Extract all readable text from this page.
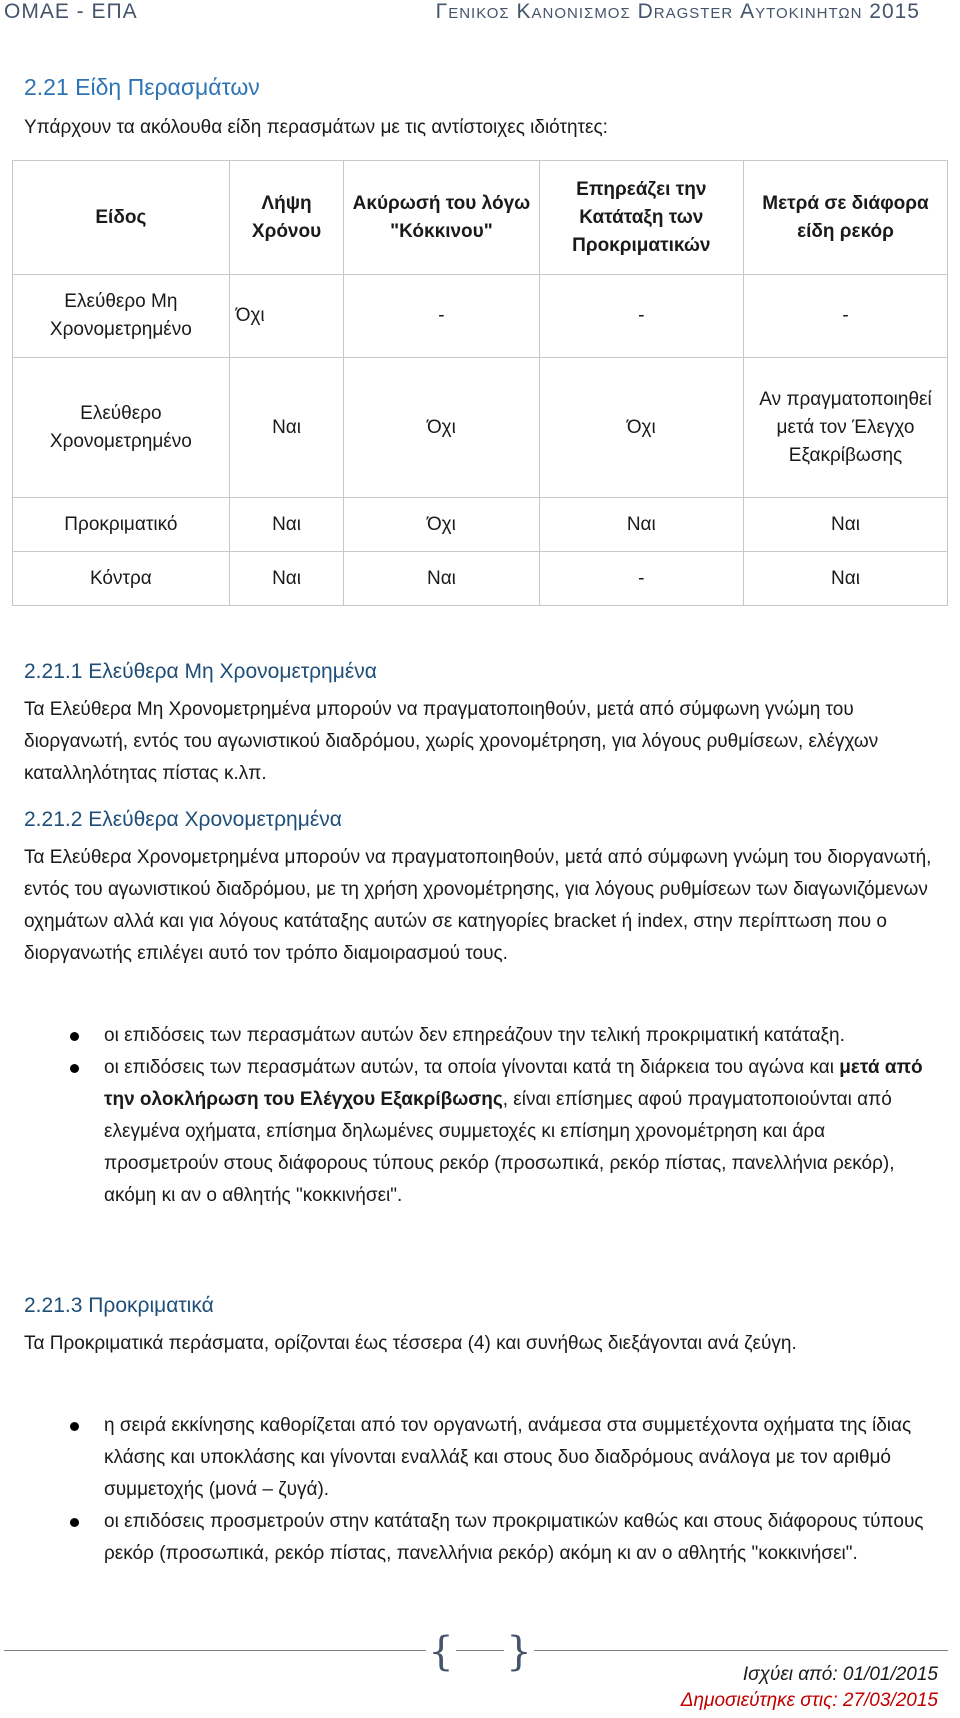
ΟΜΑΕ - ΕΠΑ	Γενικος Κανονισμος Dragster Αυτοκινητων 2015
2.21 Είδη Περασμάτων
Υπάρχουν τα ακόλουθα είδη περασμάτων με τις αντίστοιχες ιδιότητες:
Είδος	Λήψη Χρόνου	Ακύρωσή του λόγω "Κόκκινου"	Επηρεάζει την Κατάταξη των Προκριματικών	Μετρά σε διάφορα είδη ρεκόρ
Ελεύθερο Μη Χρονομετρημένο	Όχι	-	-	-
Ελεύθερο Χρονομετρημένο	Ναι	Όχι	Όχι	Αν πραγματοποιηθεί μετά τον Έλεγχο Εξακρίβωσης
Προκριματικό	Ναι	Όχι	Ναι	Ναι
Κόντρα	Ναι	Ναι	-	Ναι
2.21.1 Ελεύθερα Μη Χρονομετρημένα
Τα Ελεύθερα Μη Χρονομετρημένα μπορούν να πραγματοποιηθούν, μετά από σύμφωνη γνώμη του διοργανωτή, εντός του αγωνιστικού διαδρόμου, χωρίς χρονομέτρηση, για λόγους ρυθμίσεων, ελέγχων καταλληλότητας πίστας κ.λπ.
2.21.2 Ελεύθερα Χρονομετρημένα
Τα Ελεύθερα Χρονομετρημένα μπορούν να πραγματοποιηθούν, μετά από σύμφωνη γνώμη του διοργανωτή, εντός του αγωνιστικού διαδρόμου, με τη χρήση χρονομέτρησης, για λόγους ρυθμίσεων των διαγωνιζόμενων οχημάτων αλλά και για λόγους κατάταξης αυτών σε κατηγορίες bracket ή index, στην περίπτωση που ο διοργανωτής επιλέγει αυτό τον τρόπο διαμοιρασμού τους.
οι επιδόσεις των περασμάτων αυτών δεν επηρεάζουν την τελική προκριματική κατάταξη.
οι επιδόσεις των περασμάτων αυτών, τα οποία γίνονται κατά τη διάρκεια του αγώνα και μετά από την ολοκλήρωση του Ελέγχου Εξακρίβωσης, είναι επίσημες αφού πραγματοποιούνται από ελεγμένα οχήματα, επίσημα δηλωμένες συμμετοχές κι επίσημη χρονομέτρηση και άρα προσμετρούν στους διάφορους τύπους ρεκόρ (προσωπικά, ρεκόρ πίστας, πανελλήνια ρεκόρ), ακόμη κι αν ο αθλητής "κοκκινήσει".
2.21.3 Προκριματικά
Τα Προκριματικά περάσματα, ορίζονται έως τέσσερα (4) και συνήθως διεξάγονται ανά ζεύγη.
η σειρά εκκίνησης καθορίζεται από τον οργανωτή, ανάμεσα στα συμμετέχοντα οχήματα της ίδιας κλάσης και υποκλάσης και γίνονται εναλλάξ και στους δυο διαδρόμους ανάλογα με τον αριθμό συμμετοχής (μονά – ζυγά).
οι επιδόσεις προσμετρούν στην κατάταξη των προκριματικών καθώς και στους διάφορους τύπους ρεκόρ (προσωπικά, ρεκόρ πίστας, πανελλήνια ρεκόρ) ακόμη κι αν ο αθλητής "κοκκινήσει".
{ }	Ισχύει από: 01/01/2015
Δημοσιεύτηκε στις: 27/03/2015
